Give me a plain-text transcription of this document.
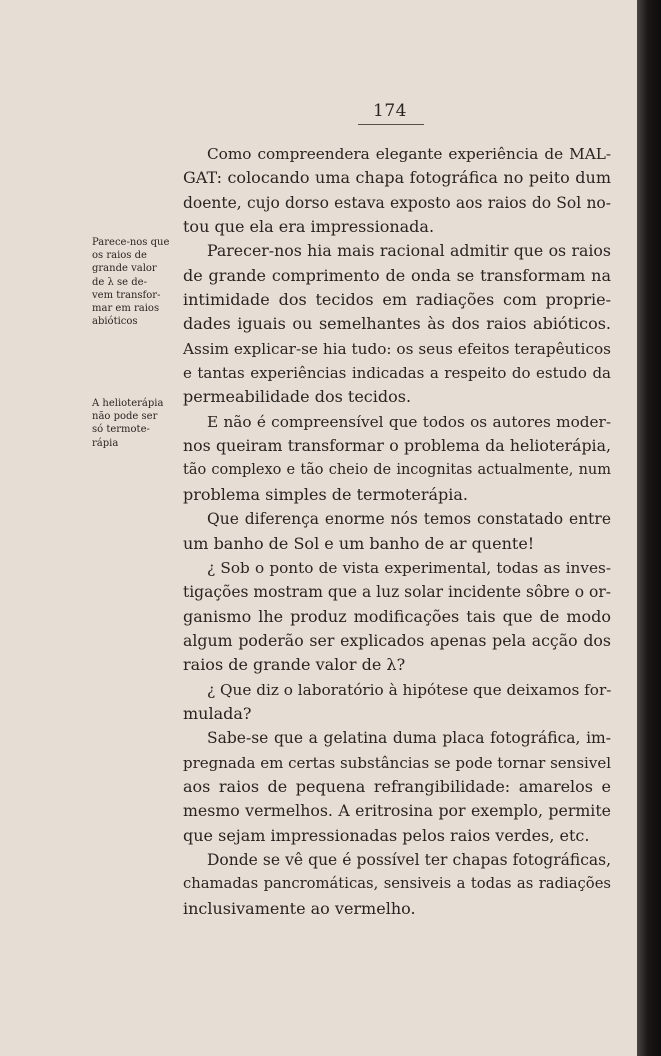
174
Parece-nos que
os raios de
grande valor
de λ se de-
vem transfor-
mar em raios
abióticos
A helioterápia
não pode ser
só termote-
rápia
Como compreendera elegante experiência de MAL-
GAT: colocando uma chapa fotográfica no peito dum
doente, cujo dorso estava exposto aos raios do Sol no-
tou que ela era impressionada.
Parecer-nos hia mais racional admitir que os raios
de grande comprimento de onda se transformam na
intimidade dos tecidos em radiações com proprie-
dades iguais ou semelhantes às dos raios abióticos.
Assim explicar-se hia tudo: os seus efeitos terapêuticos
e tantas experiências indicadas a respeito do estudo da
permeabilidade dos tecidos.
E não é compreensível que todos os autores moder-
nos queiram transformar o problema da helioterápia,
tão complexo e tão cheio de incognitas actualmente, num
problema simples de termoterápia.
Que diferença enorme nós temos constatado entre
um banho de Sol e um banho de ar quente!
¿ Sob o ponto de vista experimental, todas as inves-
tigações mostram que a luz solar incidente sôbre o or-
ganismo lhe produz modificações tais que de modo
algum poderão ser explicados apenas pela acção dos
raios de grande valor de λ?
¿ Que diz o laboratório à hipótese que deixamos for-
mulada?
Sabe-se que a gelatina duma placa fotográfica, im-
pregnada em certas substâncias se pode tornar sensivel
aos raios de pequena refrangibilidade: amarelos e
mesmo vermelhos. A eritrosina por exemplo, permite
que sejam impressionadas pelos raios verdes, etc.
Donde se vê que é possível ter chapas fotográficas,
chamadas pancromáticas, sensiveis a todas as radiações
inclusivamente ao vermelho.
